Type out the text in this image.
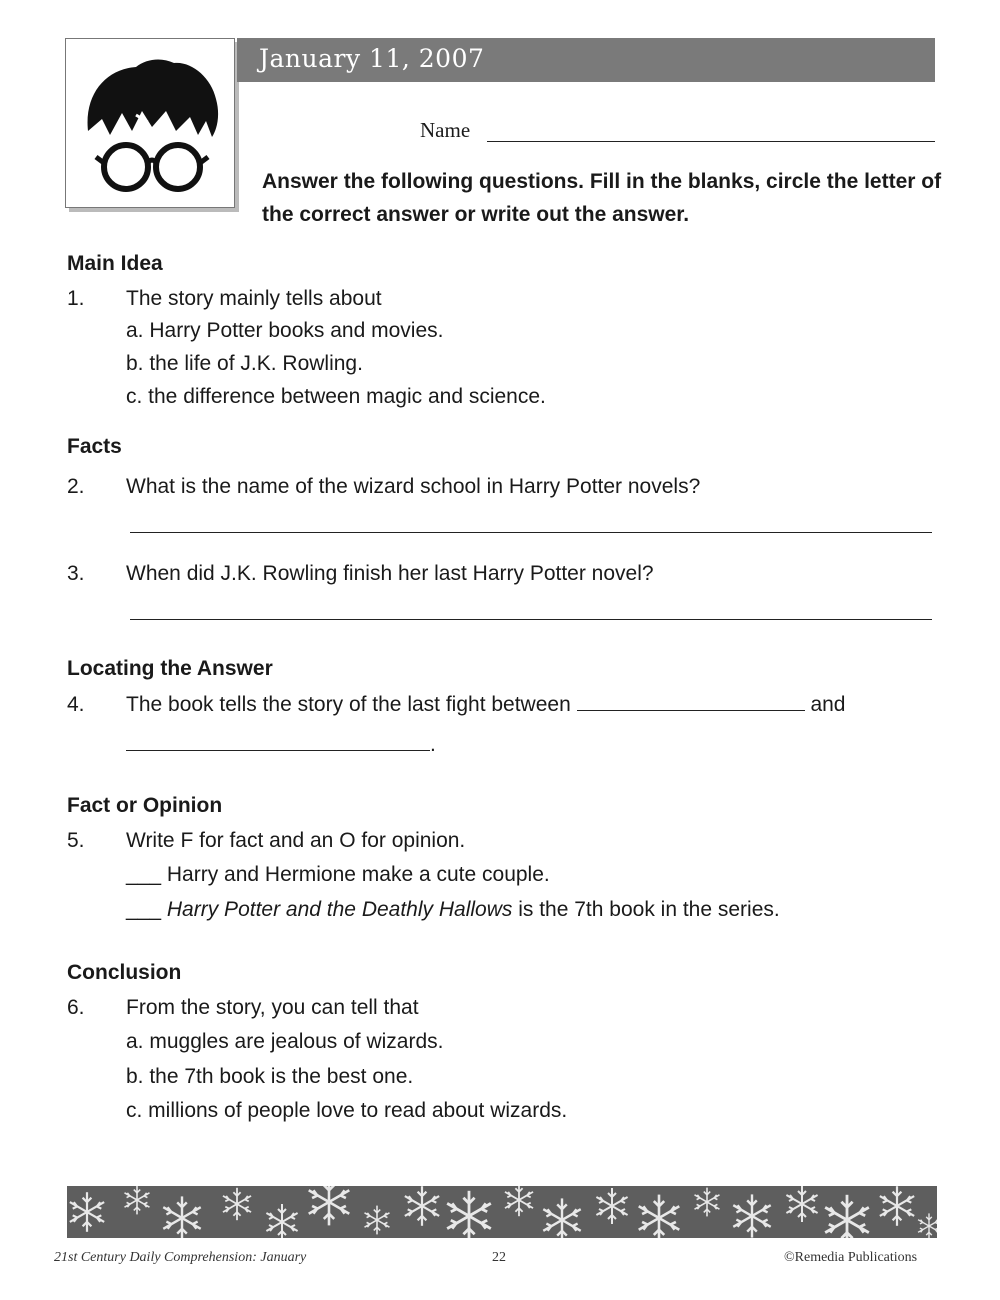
January 11, 2007
Name
Answer the following questions. Fill in the blanks, circle the letter of the correct answer or write out the answer.
Main Idea
1. The story mainly tells about
a. Harry Potter books and movies.
b. the life of J.K. Rowling.
c. the difference between magic and science.
Facts
2. What is the name of the wizard school in Harry Potter novels?
3. When did J.K. Rowling finish her last Harry Potter novel?
Locating the Answer
4. The book tells the story of the last fight between	and
.
Fact or Opinion
5. Write F for fact and an O for opinion.
___ Harry and Hermione make a cute couple.
___ Harry Potter and the Deathly Hallows is the 7th book in the series.
Conclusion
6. From the story, you can tell that
a. muggles are jealous of wizards.
b. the 7th book is the best one.
c. millions of people love to read about wizards.
21st Century Daily Comprehension: January	22	©Remedia Publications
